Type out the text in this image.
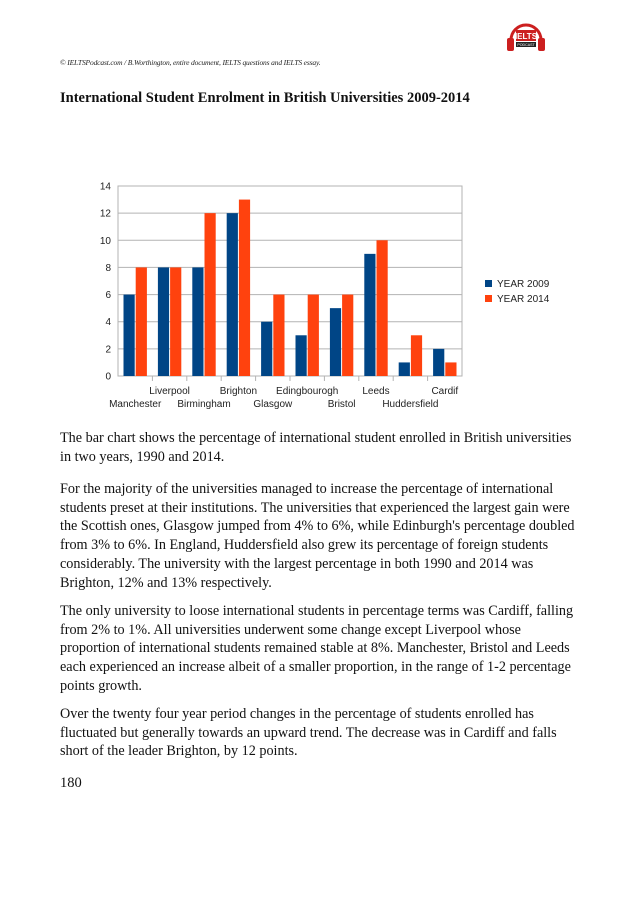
© IELTSPodcast.com / B.Worthington, entire document, IELTS questions and IELTS essay.
IELTS
PODCAST
International Student Enrolment in British Universities 2009-2014
0
2
4
6
8
10
12
14
Manchester
Liverpool
Birmingham
Brighton
Glasgow
Edingbourogh
Bristol
Leeds
Huddersfield
Cardif
YEAR 2009
YEAR 2014

The bar chart shows the percentage of international student enrolled in British universities in two years, 1990 and 2014.

For the majority of the universities managed to increase the percentage of international students preset at their institutions. The universities that experienced the largest gain were the Scottish ones, Glasgow jumped from 4% to 6%, while Edinburgh's percentage doubled from 3% to 6%. In England, Huddersfield also grew its percentage of foreign students considerably. The university with the largest percentage in both 1990 and 2014 was Brighton, 12% and 13% respectively.

The only university to loose international students in percentage terms was Cardiff, falling from 2% to 1%. All universities underwent some change except Liverpool whose proportion of international students remained stable at 8%. Manchester, Bristol and Leeds each experienced an increase albeit of a smaller proportion, in the range of 1-2 percentage points growth.

Over the twenty four year period changes in the percentage of students enrolled has fluctuated but generally towards an upward trend. The decrease was in Cardiff and falls short of the leader Brighton, by 12 points.

180
